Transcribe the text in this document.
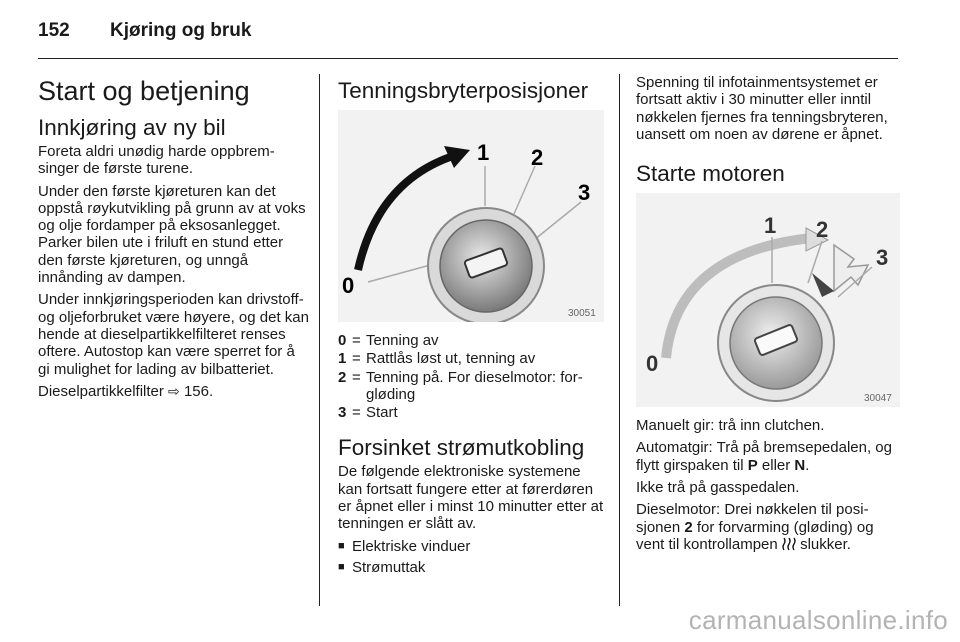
152 Kjøring og bruk
Start og betjening
Innkjøring av ny bil

Foreta aldri unødig harde oppbremsinger de første turene.

Under den første kjøreturen kan det oppstå røykutvikling på grunn av at voks og olje fordamper på eksosanlegget. Parker bilen ute i friluft en stund etter den første kjøreturen, og unngå innånding av dampen.

Under innkjøringsperioden kan drivstoff- og oljeforbruket være høyere, og det kan hende at dieselpartikkelfilteret renses oftere. Autostop kan være sperret for å gi mulighet for lading av bilbatteriet.

Dieselpartikkelfilter ⇨ 156.

Tenningsbryterposisjoner
0
1 2
3
30051
0	=	Tenning av
1	=	Rattlås løst ut, tenning av
2	=	Tenning på. For dieselmotor: forgløding
3	=	Start
Forsinket strømutkobling

De følgende elektroniske systemene kan fortsatt fungere etter at førerdøren er åpnet eller i minst 10 minutter etter at tenningen er slått av.

■ Elektriske vinduer
■ Strømuttak

Spenning til infotainmentsystemet er fortsatt aktiv i 30 minutter eller inntil nøkkelen fjernes fra tenningsbryteren, uansett om noen av dørene er åpnet.

Starte motoren
0
1 2
3
30047

Manuelt gir: trå inn clutchen.

Automatgir: Trå på bremsepedalen, og flytt girspaken til P eller N.

Ikke trå på gasspedalen.

Dieselmotor: Drei nøkkelen til posisjonen 2 for forvarming (gløding) og vent til kontrollampen  slukker.

carmanualsonline.info
